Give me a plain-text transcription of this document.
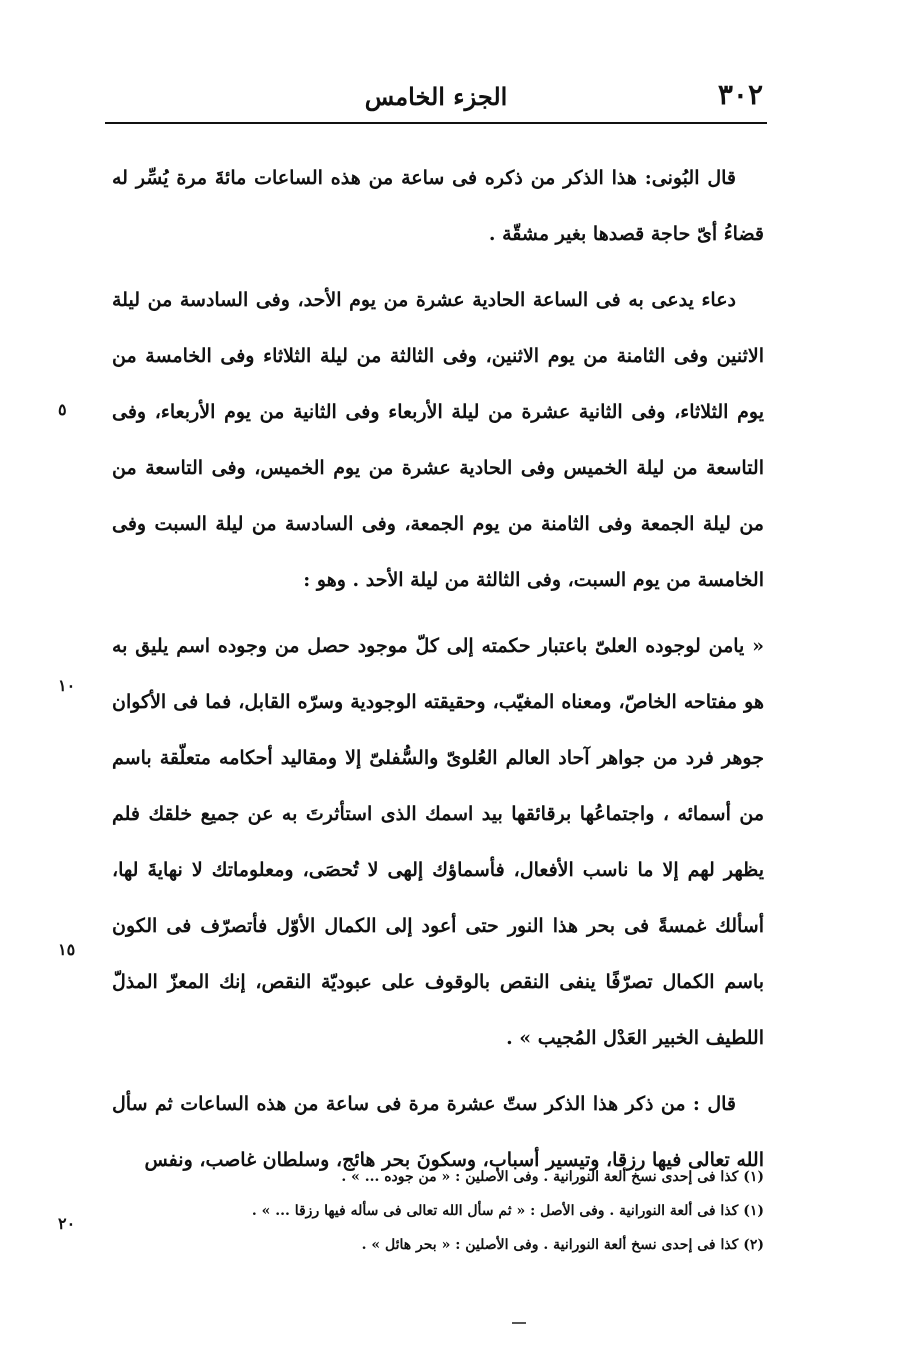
٣٠٢
الجزء الخامس
٥
١٠
١٥
٢٠

قال البُونى: هذا الذكر من ذكره فى ساعة من هذه الساعات مائةَ مرة يُسِّر له قضاءُ أىّ حاجة قصدها بغير مشقّة .

دعاء يدعى به فى الساعة الحادية عشرة من يوم الأحد، وفى السادسة من ليلة الاثنين وفى الثامنة من يوم الاثنين، وفى الثالثة من ليلة الثلاثاء وفى الخامسة من يوم الثلاثاء، وفى الثانية عشرة من ليلة الأربعاء وفى الثانية من يوم الأربعاء، وفى التاسعة من ليلة الخميس وفى الحادية عشرة من يوم الخميس، وفى التاسعة من من ليلة الجمعة وفى الثامنة من يوم الجمعة، وفى السادسة من ليلة السبت وفى الخامسة من يوم السبت، وفى الثالثة من ليلة الأحد . وهو :

« يامن لوجوده العلىّ باعتبار حكمته إلى كلّ موجود حصل من وجوده اسم يليق به هو مفتاحه الخاصّ، ومعناه المغيّب، وحقيقته الوجودية وسرّه القابل، فما فى الأكوان جوهر فرد من جواهر آحاد العالم العُلوىّ والسُّفلىّ إلا ومقاليد أحكامه متعلّقة باسم من أسمائه ، واجتماعُها برقائقها بيد اسمك الذى استأثرتَ به عن جميع خلقك فلم يظهر لهم إلا ما ناسب الأفعال، فأسماؤك إلهى لا تُحصَى، ومعلوماتك لا نهايةَ لها، أسألك غمسةً فى بحر هذا النور حتى أعود إلى الكمال الأوّل فأتصرّف فى الكون باسم الكمال تصرّفًا ينفى النقص بالوقوف على عبوديّة النقص، إنك المعزّ المذلّ اللطيف الخبير العَدْل المُجيب » .

قال : من ذكر هذا الذكر ستّ عشرة مرة فى ساعة من هذه الساعات ثم سأل الله تعالى فيها رزقا، وتيسير أسباب، وسكونَ بحر هائج، وسلطان غاصب، ونفس

(١) كذا فى إحدى نسخ ألعة النورانية . وفى الأصلين : « من جوده ... » .

(١) كذا فى ألعة النورانية . وفى الأصل : « ثم سأل الله تعالى فى سأله فيها رزقا ... » .

(٢) كذا فى إحدى نسخ ألعة النورانية . وفى الأصلين : « بحر هائل » .
